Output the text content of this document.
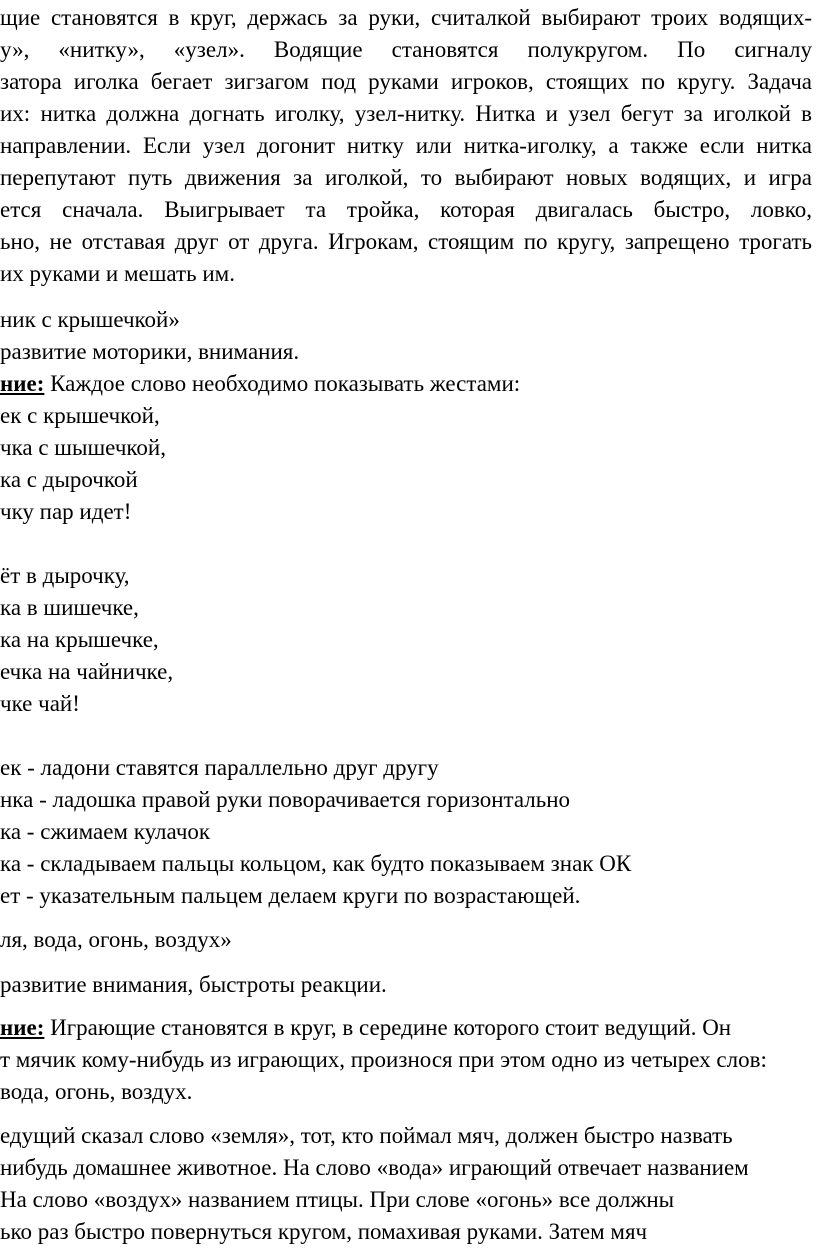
щие становятся в круг, держась за руки, считалкой выбирают троих водящих-
у», «нитку», «узел». Водящие становятся полукругом. По сигналу
затора иголка бегает зигзагом под руками игроков, стоящих по кругу. Задача
их: нитка должна догнать иголку, узел-нитку. Нитка и узел бегут за иголкой в
направлении. Если узел догонит нитку или нитка-иголку, а также если нитка
перепутают путь движения за иголкой, то выбирают новых водящих, и игра
ется сначала. Выигрывает та тройка, которая двигалась быстро, ловко,
ьно, не отставая друг от друга. Игрокам, стоящим по кругу, запрещено трогать
их руками и мешать им.
ник с крышечкой»
развитие моторики, внимания.
ние: Каждое слово необходимо показывать жестами:
ек с крышечкой,
чка с шышечкой,
ка с дырочкой
чку пар идет!
ёт в дырочку,
ка в шишечке,
ка на крышечке,
ечка на чайничке,
чке чай!
ек - ладони ставятся параллельно друг другу
нка - ладошка правой руки поворачивается горизонтально
ка - сжимаем кулачок
ка - складываем пальцы кольцом, как будто показываем знак ОК
ет - указательным пальцем делаем круги по возрастающей.
ля, вода, огонь, воздух»
развитие внимания, быстроты реакции.
ние: Играющие становятся в круг, в середине которого стоит ведущий. Он
т мячик кому-нибудь из играющих, произнося при этом одно из четырех слов:
вода, огонь, воздух.
едущий сказал слово «земля», тот, кто поймал мяч, должен быстро назвать
нибудь домашнее животное. На слово «вода» играющий отвечает названием
На слово «воздух» названием птицы. При слове «огонь» все должны
ько раз быстро повернуться кругом, помахивая руками. Затем мяч
